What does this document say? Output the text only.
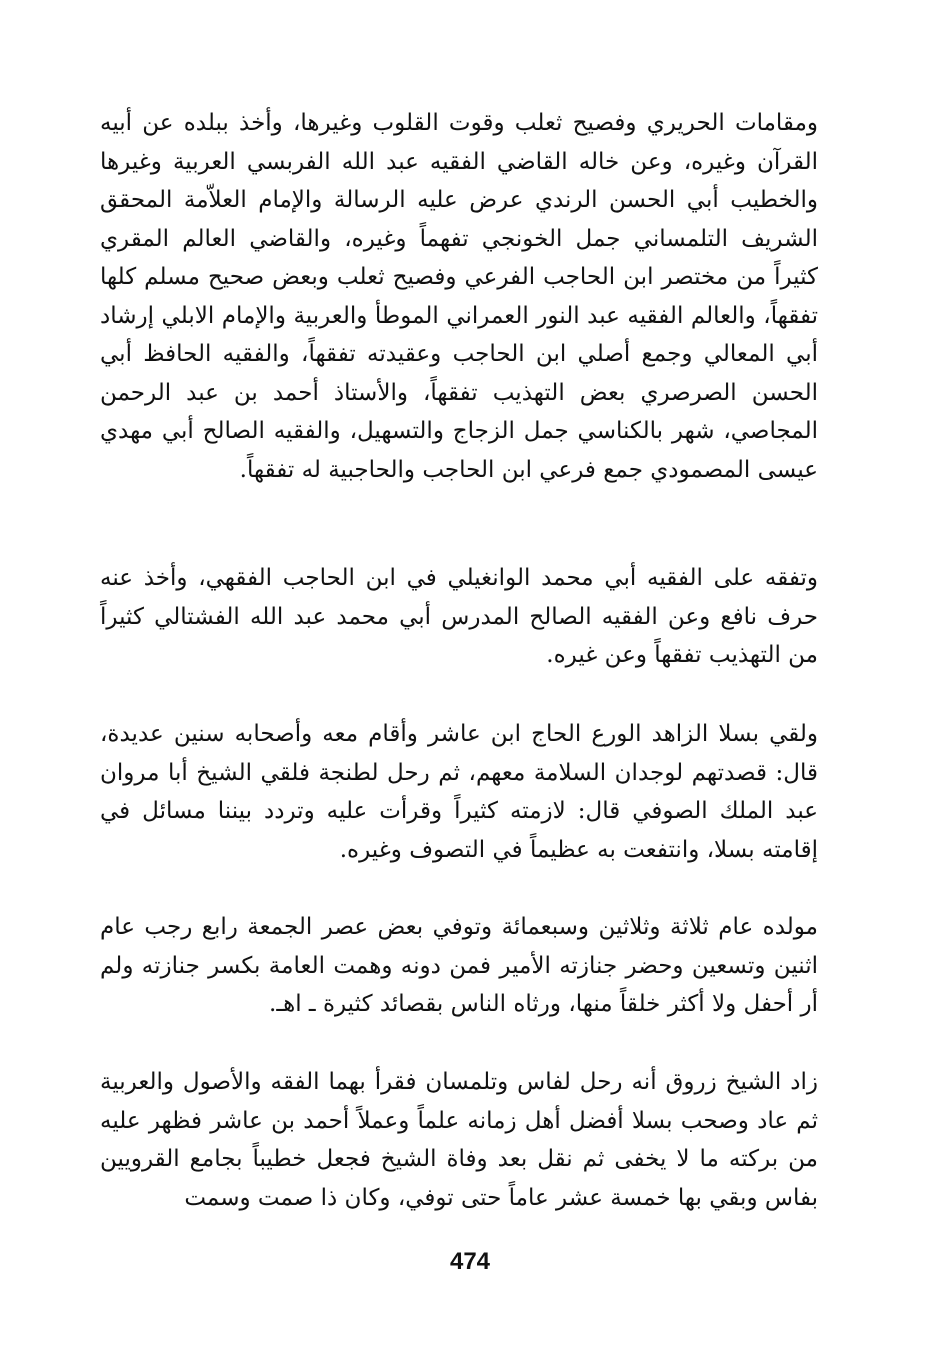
ومقامات الحريري وفصيح ثعلب وقوت القلوب وغيرها، وأخذ ببلده عن أبيه القرآن وغيره، وعن خاله القاضي الفقيه عبد الله الفربسي العربية وغيرها والخطيب أبي الحسن الرندي عرض عليه الرسالة والإمام العلاّمة المحقق الشريف التلمساني جمل الخونجي تفهماً وغيره، والقاضي العالم المقري كثيراً من مختصر ابن الحاجب الفرعي وفصيح ثعلب وبعض صحيح مسلم كلها تفقهاً، والعالم الفقيه عبد النور العمراني الموطأ والعربية والإمام الابلي إرشاد أبي المعالي وجمع أصلي ابن الحاجب وعقيدته تفقهاً، والفقيه الحافظ أبي الحسن الصرصري بعض التهذيب تفقهاً، والأستاذ أحمد بن عبد الرحمن المجاصي، شهر بالكناسي جمل الزجاج والتسهيل، والفقيه الصالح أبي مهدي عيسى المصمودي جمع فرعي ابن الحاجب والحاجبية له تفقهاً.

وتفقه على الفقيه أبي محمد الوانغيلي في ابن الحاجب الفقهي، وأخذ عنه حرف نافع وعن الفقيه الصالح المدرس أبي محمد عبد الله الفشتالي كثيراً من التهذيب تفقهاً وعن غيره.

ولقي بسلا الزاهد الورع الحاج ابن عاشر وأقام معه وأصحابه سنين عديدة، قال: قصدتهم لوجدان السلامة معهم، ثم رحل لطنجة فلقي الشيخ أبا مروان عبد الملك الصوفي قال: لازمته كثيراً وقرأت عليه وتردد بيننا مسائل في إقامته بسلا، وانتفعت به عظيماً في التصوف وغيره.

مولده عام ثلاثة وثلاثين وسبعمائة وتوفي بعض عصر الجمعة رابع رجب عام اثنين وتسعين وحضر جنازته الأمير فمن دونه وهمت العامة بكسر جنازته ولم أر أحفل ولا أكثر خلقاً منها، ورثاه الناس بقصائد كثيرة ـ اهـ.

زاد الشيخ زروق أنه رحل لفاس وتلمسان فقرأ بهما الفقه والأصول والعربية ثم عاد وصحب بسلا أفضل أهل زمانه علماً وعملاً أحمد بن عاشر فظهر عليه من بركته ما لا يخفى ثم نقل بعد وفاة الشيخ فجعل خطيباً بجامع القرويين بفاس وبقي بها خمسة عشر عاماً حتى توفي، وكان ذا صمت وسمت

474
